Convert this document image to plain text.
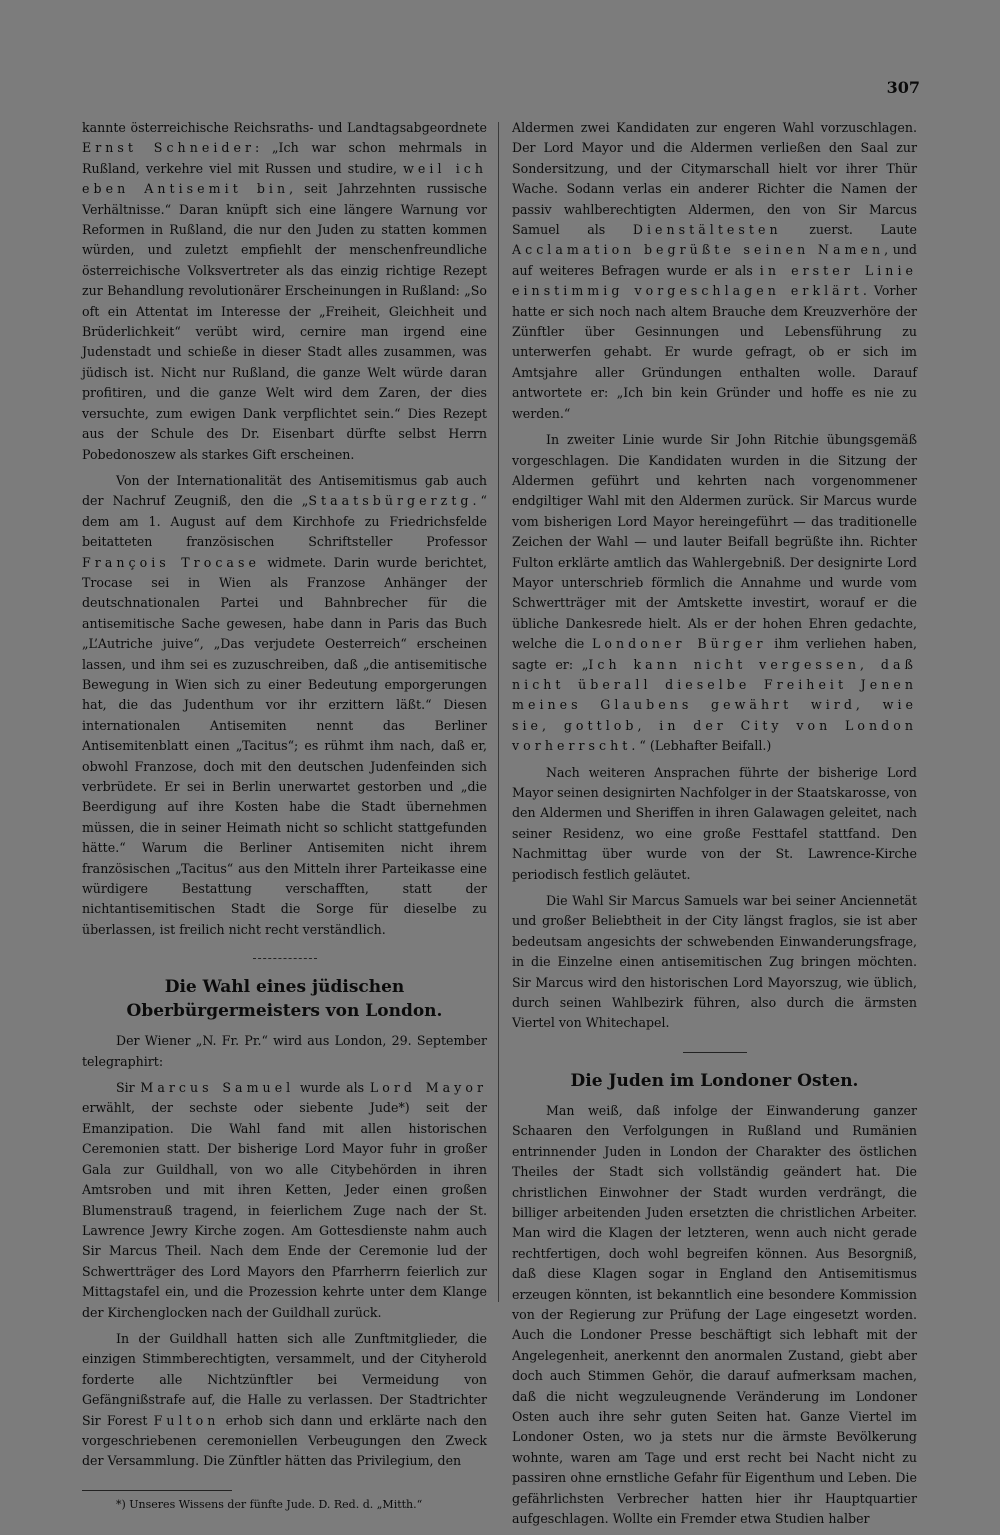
307

kannte österreichische Reichsraths- und Landtagsabgeordnete Ernst Schneider: „Ich war schon mehrmals in Rußland, verkehre viel mit Russen und studire, weil ich eben Antisemit bin, seit Jahrzehnten russische Verhältnisse.“ Daran knüpft sich eine längere Warnung vor Reformen in Rußland, die nur den Juden zu statten kommen würden, und zuletzt empfiehlt der menschenfreundliche österreichische Volksvertreter als das einzig richtige Rezept zur Behandlung revolutionärer Erscheinungen in Rußland: „So oft ein Attentat im Interesse der „Freiheit, Gleichheit und Brüderlichkeit“ verübt wird, cernire man irgend eine Judenstadt und schieße in dieser Stadt alles zusammen, was jüdisch ist. Nicht nur Rußland, die ganze Welt würde daran profitiren, und die ganze Welt wird dem Zaren, der dies versuchte, zum ewigen Dank verpflichtet sein.“ Dies Rezept aus der Schule des Dr. Eisenbart dürfte selbst Herrn Pobedonoszew als starkes Gift erscheinen.

Von der Internationalität des Antisemitismus gab auch der Nachruf Zeugniß, den die „Staatsbürgerztg.“ dem am 1. August auf dem Kirchhofe zu Friedrichsfelde beitatteten französischen Schriftsteller Professor François Trocase widmete. Darin wurde berichtet, Trocase sei in Wien als Franzose Anhänger der deutschnationalen Partei und Bahnbrecher für die antisemitische Sache gewesen, habe dann in Paris das Buch „L’Autriche juive“, „Das verjudete Oesterreich“ erscheinen lassen, und ihm sei es zuzuschreiben, daß „die antisemitische Bewegung in Wien sich zu einer Bedeutung emporgerungen hat, die das Judenthum vor ihr erzittern läßt.“ Diesen internationalen Antisemiten nennt das Berliner Antisemitenblatt einen „Tacitus“; es rühmt ihm nach, daß er, obwohl Franzose, doch mit den deutschen Judenfeinden sich verbrüdete. Er sei in Berlin unerwartet gestorben und „die Beerdigung auf ihre Kosten habe die Stadt übernehmen müssen, die in seiner Heimath nicht so schlicht stattgefunden hätte.“ Warum die Berliner Antisemiten nicht ihrem französischen „Tacitus“ aus den Mitteln ihrer Parteikasse eine würdigere Bestattung verschafften, statt der nichtantisemitischen Stadt die Sorge für dieselbe zu überlassen, ist freilich nicht recht verständlich.

Die Wahl eines jüdischen Oberbürgermeisters von London.

Der Wiener „N. Fr. Pr.“ wird aus London, 29. September telegraphirt:

Sir Marcus Samuel wurde als Lord Mayor erwählt, der sechste oder siebente Jude*) seit der Emanzipation. Die Wahl fand mit allen historischen Ceremonien statt. Der bisherige Lord Mayor fuhr in großer Gala zur Guildhall, von wo alle Citybehörden in ihren Amtsroben und mit ihren Ketten, Jeder einen großen Blumenstrauß tragend, in feierlichem Zuge nach der St. Lawrence Jewry Kirche zogen. Am Gottesdienste nahm auch Sir Marcus Theil. Nach dem Ende der Ceremonie lud der Schwertträger des Lord Mayors den Pfarrherrn feierlich zur Mittagstafel ein, und die Prozession kehrte unter dem Klange der Kirchenglocken nach der Guildhall zurück.

In der Guildhall hatten sich alle Zunftmitglieder, die einzigen Stimmberechtigten, versammelt, und der Cityherold forderte alle Nichtzünftler bei Vermeidung von Gefängnißstrafe auf, die Halle zu verlassen. Der Stadtrichter Sir Forest Fulton erhob sich dann und erklärte nach den vorgeschriebenen ceremoniellen Verbeugungen den Zweck der Versammlung. Die Zünftler hätten das Privilegium, den

*) Unseres Wissens der fünfte Jude. D. Red. d. „Mitth.“

Aldermen zwei Kandidaten zur engeren Wahl vorzuschlagen. Der Lord Mayor und die Aldermen verließen den Saal zur Sondersitzung, und der Citymarschall hielt vor ihrer Thür Wache. Sodann verlas ein anderer Richter die Namen der passiv wahlberechtigten Aldermen, den von Sir Marcus Samuel als Dienstältesten zuerst. Laute Acclamation begrüßte seinen Namen, und auf weiteres Befragen wurde er als in erster Linie einstimmig vorgeschlagen erklärt. Vorher hatte er sich noch nach altem Brauche dem Kreuzverhöre der Zünftler über Gesinnungen und Lebensführung zu unterwerfen gehabt. Er wurde gefragt, ob er sich im Amtsjahre aller Gründungen enthalten wolle. Darauf antwortete er: „Ich bin kein Gründer und hoffe es nie zu werden.“

In zweiter Linie wurde Sir John Ritchie übungsgemäß vorgeschlagen. Die Kandidaten wurden in die Sitzung der Aldermen geführt und kehrten nach vorgenommener endgiltiger Wahl mit den Aldermen zurück. Sir Marcus wurde vom bisherigen Lord Mayor hereingeführt — das traditionelle Zeichen der Wahl — und lauter Beifall begrüßte ihn. Richter Fulton erklärte amtlich das Wahlergebniß. Der designirte Lord Mayor unterschrieb förmlich die Annahme und wurde vom Schwertträger mit der Amtskette investirt, worauf er die übliche Dankesrede hielt. Als er der hohen Ehren gedachte, welche die Londoner Bürger ihm verliehen haben, sagte er: „Ich kann nicht vergessen, daß nicht überall dieselbe Freiheit Jenen meines Glaubens gewährt wird, wie sie, gottlob, in der City von London vorherrscht.“ (Lebhafter Beifall.)

Nach weiteren Ansprachen führte der bisherige Lord Mayor seinen designirten Nachfolger in der Staatskarosse, von den Aldermen und Sheriffen in ihren Galawagen geleitet, nach seiner Residenz, wo eine große Festtafel stattfand. Den Nachmittag über wurde von der St. Lawrence-Kirche periodisch festlich geläutet.

Die Wahl Sir Marcus Samuels war bei seiner Anciennetät und großer Beliebtheit in der City längst fraglos, sie ist aber bedeutsam angesichts der schwebenden Einwanderungsfrage, in die Einzelne einen antisemitischen Zug bringen möchten. Sir Marcus wird den historischen Lord Mayorszug, wie üblich, durch seinen Wahlbezirk führen, also durch die ärmsten Viertel von Whitechapel.

Die Juden im Londoner Osten.

Man weiß, daß infolge der Einwanderung ganzer Schaaren den Verfolgungen in Rußland und Rumänien entrinnender Juden in London der Charakter des östlichen Theiles der Stadt sich vollständig geändert hat. Die christlichen Einwohner der Stadt wurden verdrängt, die billiger arbeitenden Juden ersetzten die christlichen Arbeiter. Man wird die Klagen der letzteren, wenn auch nicht gerade rechtfertigen, doch wohl begreifen können. Aus Besorgniß, daß diese Klagen sogar in England den Antisemitismus erzeugen könnten, ist bekanntlich eine besondere Kommission von der Regierung zur Prüfung der Lage eingesetzt worden. Auch die Londoner Presse beschäftigt sich lebhaft mit der Angelegenheit, anerkennt den anormalen Zustand, giebt aber doch auch Stimmen Gehör, die darauf aufmerksam machen, daß die nicht wegzuleugnende Veränderung im Londoner Osten auch ihre sehr guten Seiten hat. Ganze Viertel im Londoner Osten, wo ja stets nur die ärmste Bevölkerung wohnte, waren am Tage und erst recht bei Nacht nicht zu passiren ohne ernstliche Gefahr für Eigenthum und Leben. Die gefährlichsten Verbrecher hatten hier ihr Hauptquartier aufgeschlagen. Wollte ein Fremder etwa Studien halber
